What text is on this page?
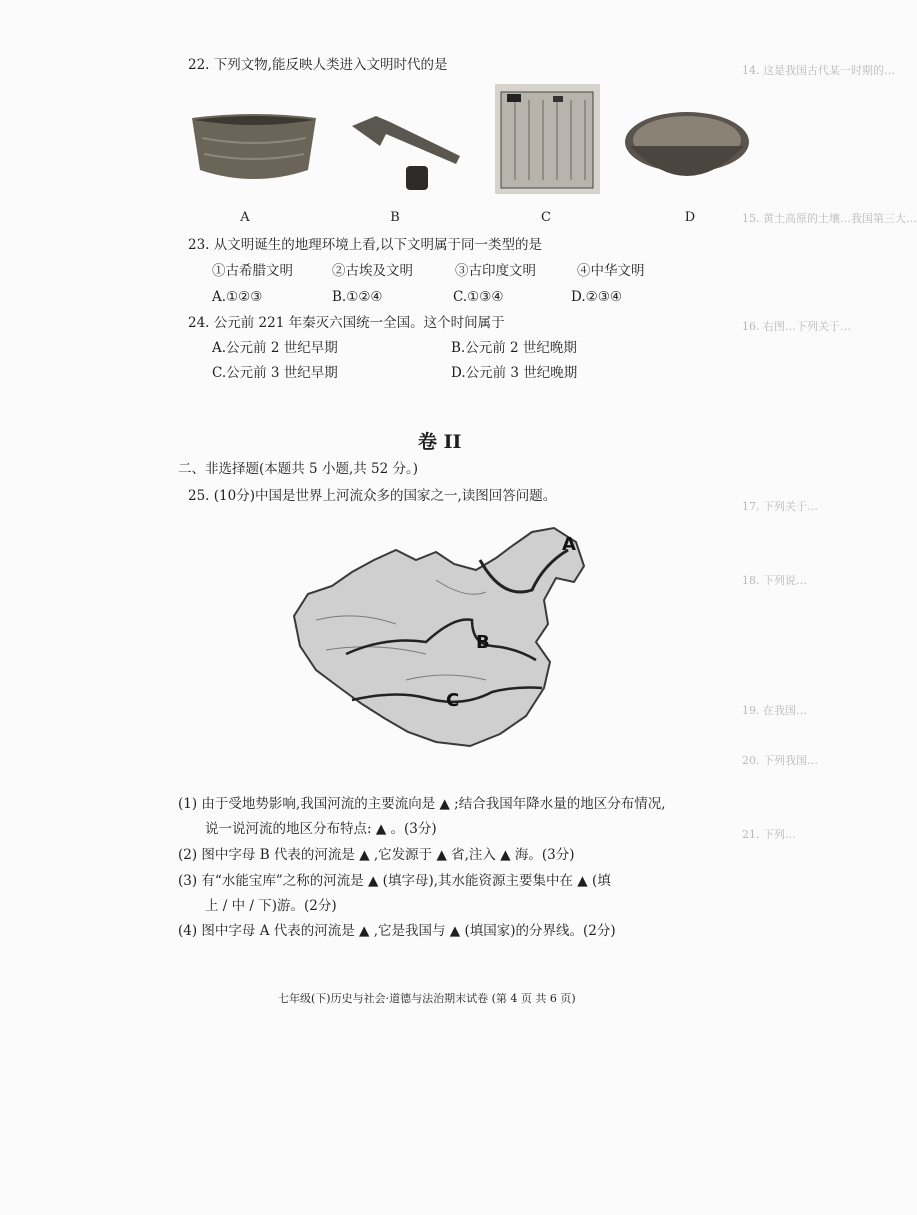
14. 这是我国古代某一时期的…
15. 黄土高原的土壤…我国第三大…
16. 右图…下列关于…
17. 下列关于…
18. 下列说…
19. 在我国…
20. 下列我国…
21. 下列…
22. 下列文物,能反映人类进入文明时代的是
A	B	C	D
23. 从文明诞生的地理环境上看,以下文明属于同一类型的是
①古希腊文明	②古埃及文明	③古印度文明	④中华文明
A.①②③	B.①②④	C.①③④	D.②③④
24. 公元前 221 年秦灭六国统一全国。这个时间属于
A.公元前 2 世纪早期	B.公元前 2 世纪晚期
C.公元前 3 世纪早期	D.公元前 3 世纪晚期
卷 II
二、非选择题(本题共 5 小题,共 52 分。)
25. (10分)中国是世界上河流众多的国家之一,读图回答问题。
A
B
C
(1) 由于受地势影响,我国河流的主要流向是 ▲ ;结合我国年降水量的地区分布情况,
说一说河流的地区分布特点: ▲ 。(3分)
(2) 图中字母 B 代表的河流是 ▲ ,它发源于 ▲ 省,注入 ▲ 海。(3分)
(3) 有“水能宝库”之称的河流是 ▲ (填字母),其水能资源主要集中在 ▲ (填
上 / 中 / 下)游。(2分)
(4) 图中字母 A 代表的河流是 ▲ ,它是我国与 ▲ (填国家)的分界线。(2分)
七年级(下)历史与社会·道德与法治期末试卷 (第 4 页 共 6 页)
